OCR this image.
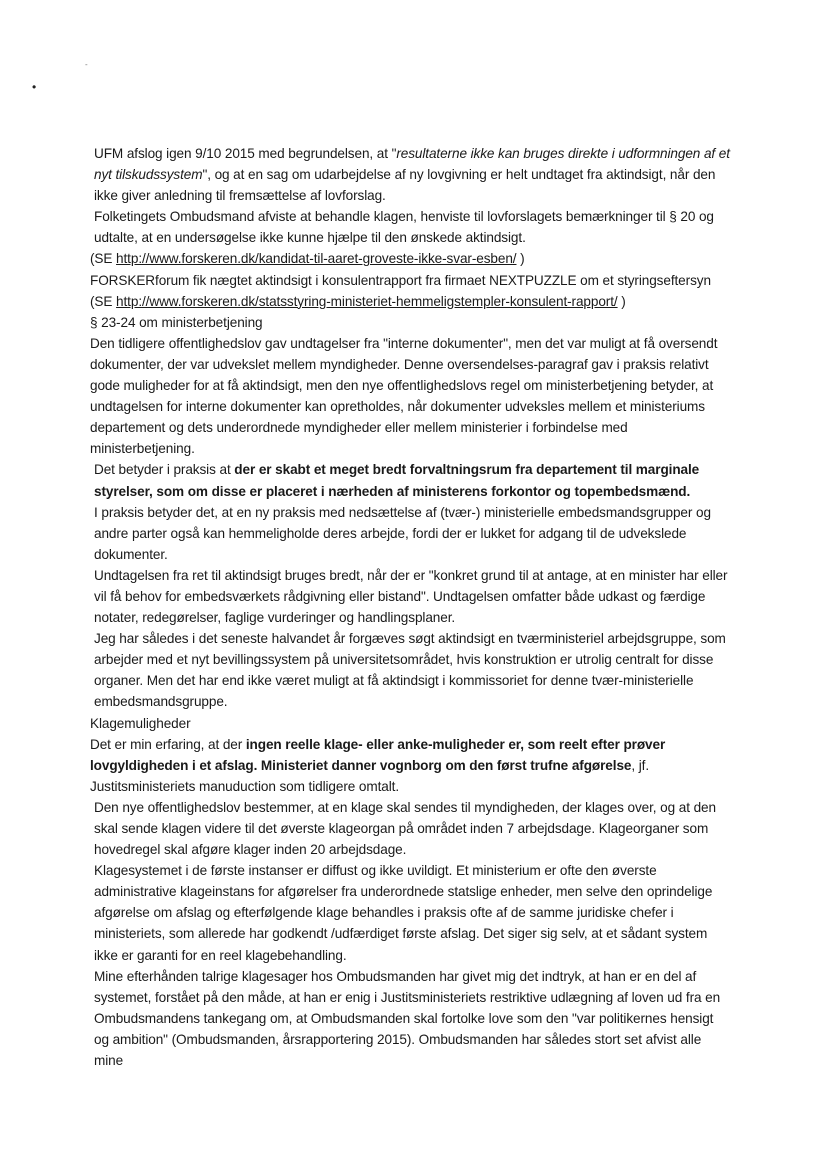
-
•

UFM afslog igen 9/10 2015 med begrundelsen, at "resultaterne ikke kan bruges direkte i udformningen af et nyt tilskudssystem", og at en sag om udarbejdelse af ny lovgivning er helt undtaget fra aktindsigt, når den ikke giver anledning til fremsættelse af lovforslag.

Folketingets Ombudsmand afviste at behandle klagen, henviste til lovforslagets bemærkninger til § 20 og udtalte, at en undersøgelse ikke kunne hjælpe til den ønskede aktindsigt.

(SE http://www.forskeren.dk/kandidat-til-aaret-groveste-ikke-svar-esben/ )

FORSKERforum fik nægtet aktindsigt i konsulentrapport fra firmaet NEXTPUZZLE om et styringseftersyn

(SE http://www.forskeren.dk/statsstyring-ministeriet-hemmeligstempler-konsulent-rapport/ )

§ 23-24 om ministerbetjening

Den tidligere offentlighedslov gav undtagelser fra "interne dokumenter", men det var muligt at få oversendt dokumenter, der var udvekslet mellem myndigheder. Denne oversendelses-paragraf gav i praksis relativt gode muligheder for at få aktindsigt, men den nye offentlighedslovs regel om ministerbetjening betyder, at undtagelsen for interne dokumenter kan opretholdes, når dokumenter udveksles mellem et ministeriums departement og dets underordnede myndigheder eller mellem ministerier i forbindelse med ministerbetjening.

Det betyder i praksis at der er skabt et meget bredt forvaltningsrum fra departement til marginale styrelser, som om disse er placeret i nærheden af ministerens forkontor og topembedsmænd.

I praksis betyder det, at en ny praksis med nedsættelse af (tvær-) ministerielle embedsmandsgrupper og andre parter også kan hemmeligholde deres arbejde, fordi der er lukket for adgang til de udvekslede dokumenter.

Undtagelsen fra ret til aktindsigt bruges bredt, når der er "konkret grund til at antage, at en minister har eller vil få behov for embedsværkets rådgivning eller bistand". Undtagelsen omfatter både udkast og færdige notater, redegørelser, faglige vurderinger og handlingsplaner.

Jeg har således i det seneste halvandet år forgæves søgt aktindsigt en tværministeriel arbejdsgruppe, som arbejder med et nyt bevillingssystem på universitetsområdet, hvis konstruktion er utrolig centralt for disse organer. Men det har end ikke været muligt at få aktindsigt i kommissoriet for denne tvær-ministerielle embedsmandsgruppe.

Klagemuligheder

Det er min erfaring, at der ingen reelle klage- eller anke-muligheder er, som reelt efter prøver lovgyldigheden i et afslag. Ministeriet danner vognborg om den først trufne afgørelse, jf. Justitsministeriets manuduction som tidligere omtalt.

Den nye offentlighedslov bestemmer, at en klage skal sendes til myndigheden, der klages over, og at den skal sende klagen videre til det øverste klageorgan på området inden 7 arbejdsdage. Klageorganer som hovedregel skal afgøre klager inden 20 arbejdsdage.

Klagesystemet i de første instanser er diffust og ikke uvildigt. Et ministerium er ofte den øverste administrative klageinstans for afgørelser fra underordnede statslige enheder, men selve den oprindelige afgørelse om afslag og efterfølgende klage behandles i praksis ofte af de samme juridiske chefer i ministeriets, som allerede har godkendt /udfærdiget første afslag. Det siger sig selv, at et sådant system ikke er garanti for en reel klagebehandling.

Mine efterhånden talrige klagesager hos Ombudsmanden har givet mig det indtryk, at han er en del af systemet, forstået på den måde, at han er enig i Justitsministeriets restriktive udlægning af loven ud fra en Ombudsmandens tankegang om, at Ombudsmanden skal fortolke love som den "var politikernes hensigt og ambition" (Ombudsmanden, årsrapportering 2015). Ombudsmanden har således stort set afvist alle mine
